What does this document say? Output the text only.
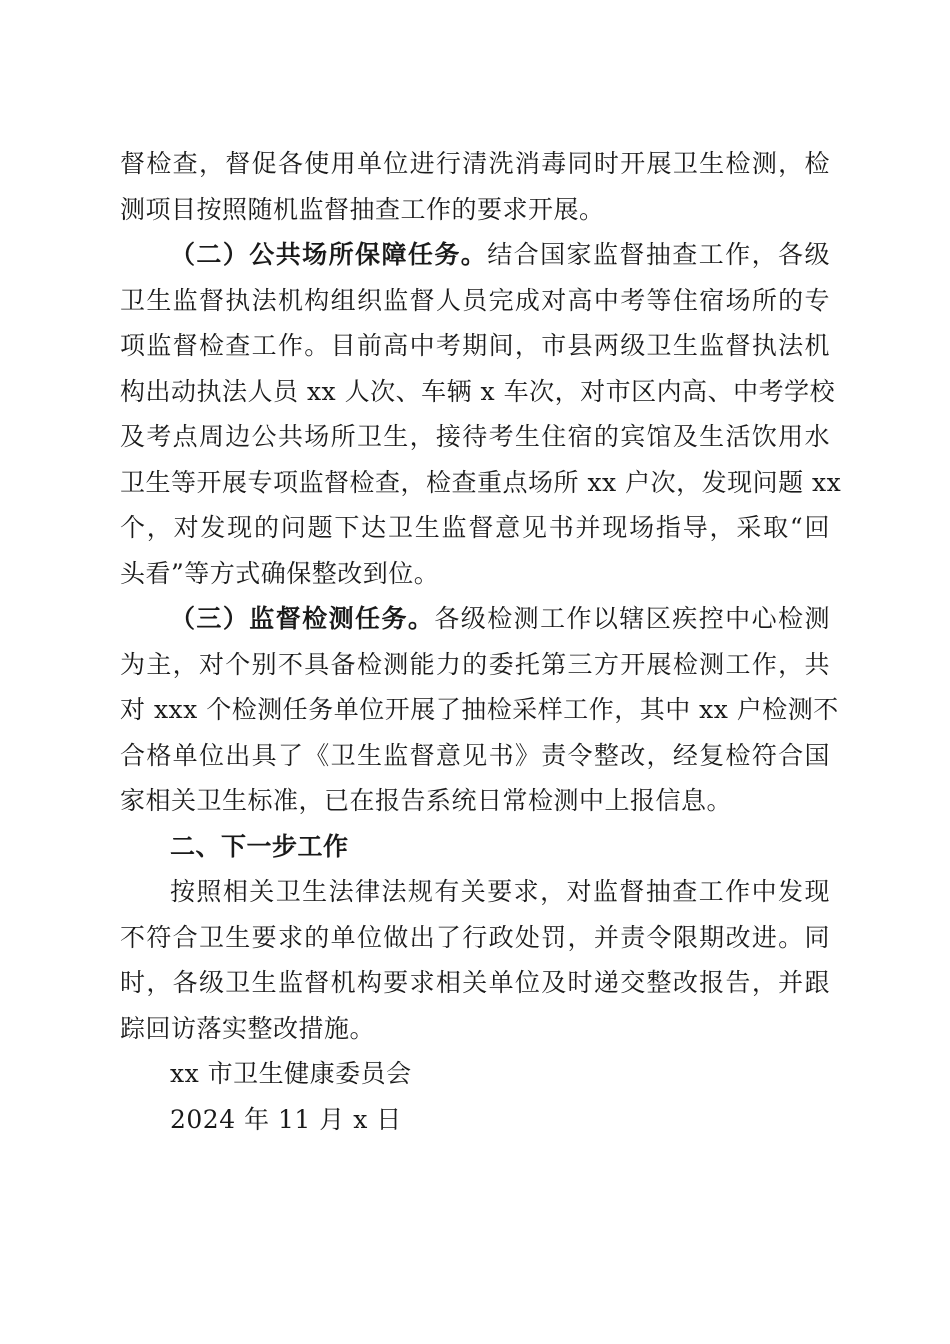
督检查，督促各使用单位进行清洗消毒同时开展卫生检测，检
测项目按照随机监督抽查工作的要求开展。
（二）公共场所保障任务。结合国家监督抽查工作，各级
卫生监督执法机构组织监督人员完成对高中考等住宿场所的专
项监督检查工作。目前高中考期间，市县两级卫生监督执法机
构出动执法人员 xx 人次、车辆 x 车次，对市区内高、中考学校
及考点周边公共场所卫生，接待考生住宿的宾馆及生活饮用水
卫生等开展专项监督检查，检查重点场所 xx 户次，发现问题 xx
个，对发现的问题下达卫生监督意见书并现场指导，采取“回
头看”等方式确保整改到位。
（三）监督检测任务。各级检测工作以辖区疾控中心检测
为主，对个别不具备检测能力的委托第三方开展检测工作，共
对 xxx 个检测任务单位开展了抽检采样工作，其中 xx 户检测不
合格单位出具了《卫生监督意见书》责令整改，经复检符合国
家相关卫生标准，已在报告系统日常检测中上报信息。
二、下一步工作
按照相关卫生法律法规有关要求，对监督抽查工作中发现
不符合卫生要求的单位做出了行政处罚，并责令限期改进。同
时，各级卫生监督机构要求相关单位及时递交整改报告，并跟
踪回访落实整改措施。
xx 市卫生健康委员会
2024 年 11 月 x 日
